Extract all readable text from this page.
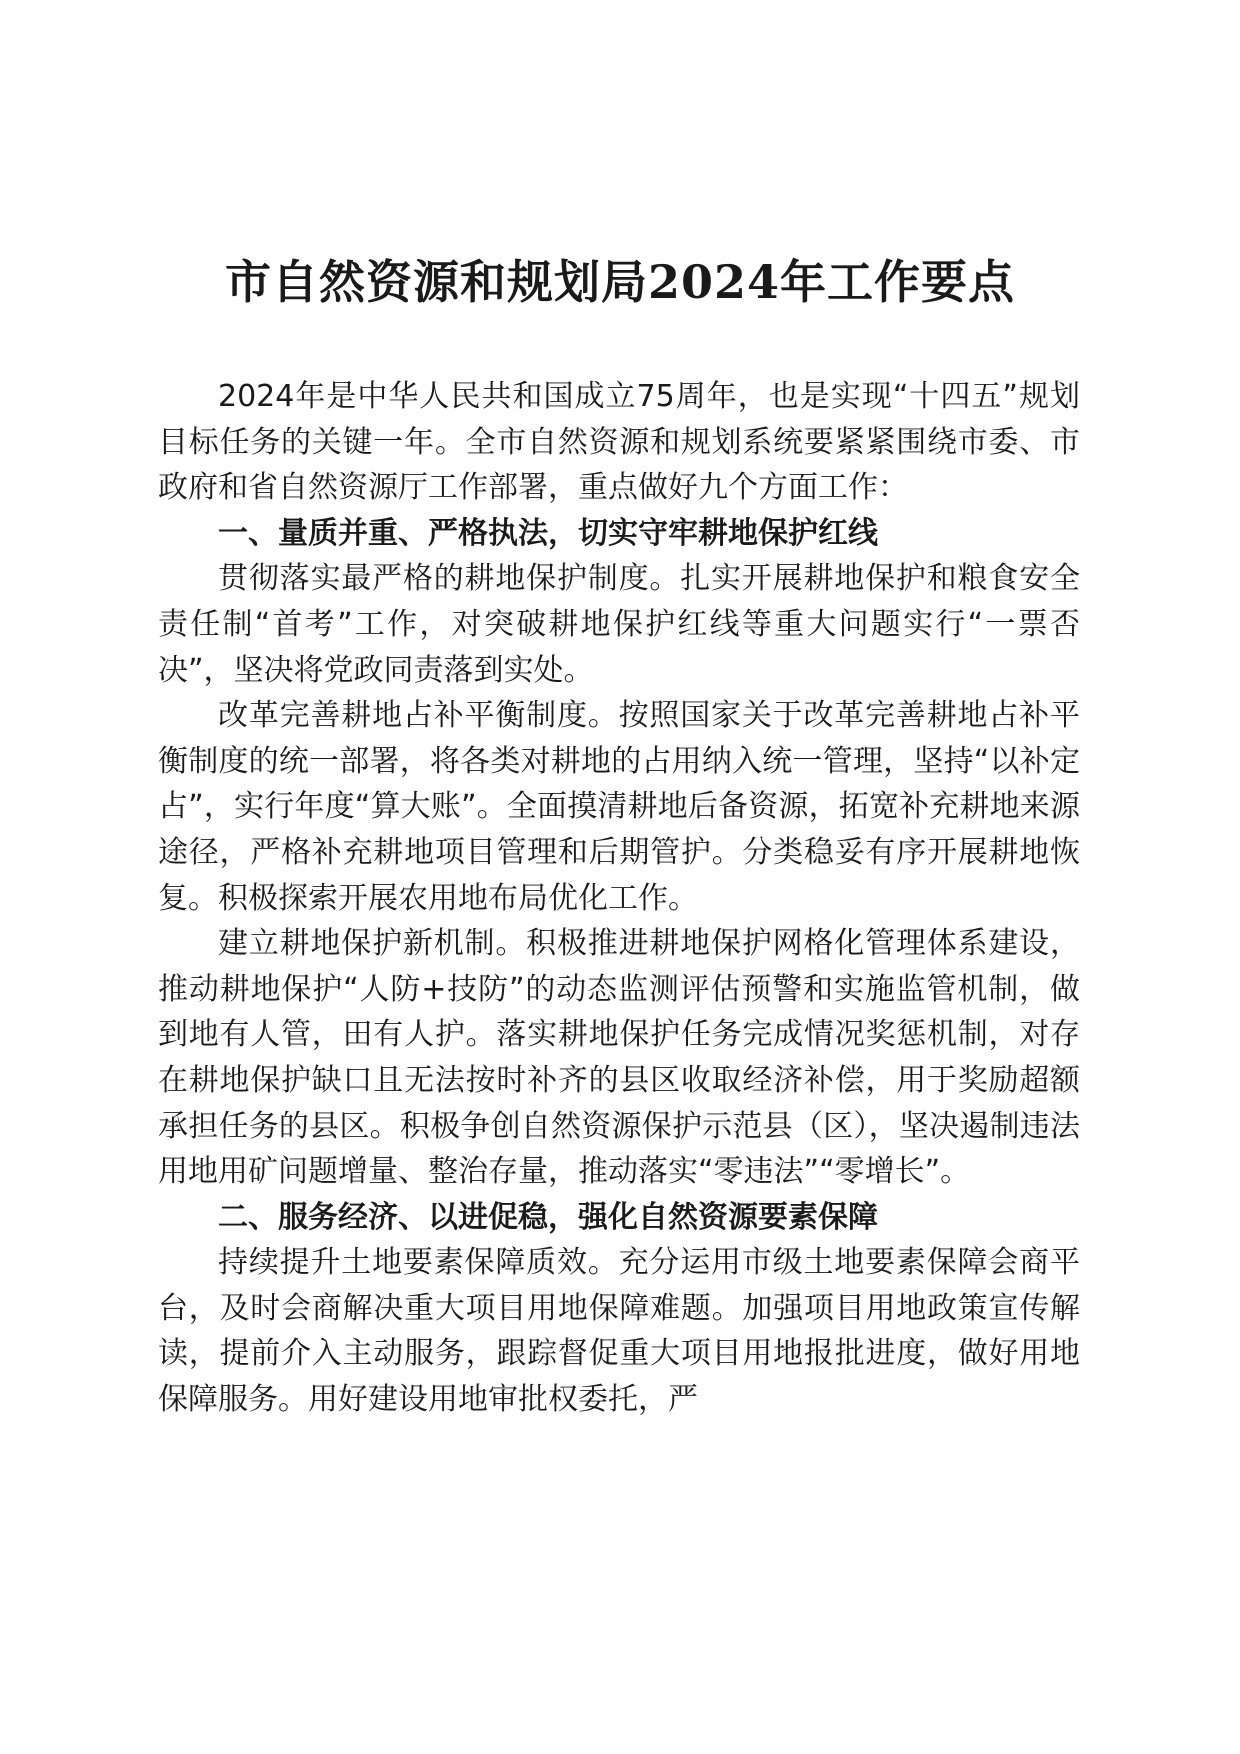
市自然资源和规划局2024年工作要点

2024年是中华人民共和国成立75周年，也是实现“十四五”规划目标任务的关键一年。全市自然资源和规划系统要紧紧围绕市委、市政府和省自然资源厅工作部署，重点做好九个方面工作：

一、量质并重、严格执法，切实守牢耕地保护红线

贯彻落实最严格的耕地保护制度。扎实开展耕地保护和粮食安全责任制“首考”工作，对突破耕地保护红线等重大问题实行“一票否决”，坚决将党政同责落到实处。

改革完善耕地占补平衡制度。按照国家关于改革完善耕地占补平衡制度的统一部署，将各类对耕地的占用纳入统一管理，坚持“以补定占”，实行年度“算大账”。全面摸清耕地后备资源，拓宽补充耕地来源途径，严格补充耕地项目管理和后期管护。分类稳妥有序开展耕地恢复。积极探索开展农用地布局优化工作。

建立耕地保护新机制。积极推进耕地保护网格化管理体系建设，推动耕地保护“人防+技防”的动态监测评估预警和实施监管机制，做到地有人管，田有人护。落实耕地保护任务完成情况奖惩机制，对存在耕地保护缺口且无法按时补齐的县区收取经济补偿，用于奖励超额承担任务的县区。积极争创自然资源保护示范县（区），坚决遏制违法用地用矿问题增量、整治存量，推动落实“零违法”“零增长”。

二、服务经济、以进促稳，强化自然资源要素保障

持续提升土地要素保障质效。充分运用市级土地要素保障会商平台，及时会商解决重大项目用地保障难题。加强项目用地政策宣传解读，提前介入主动服务，跟踪督促重大项目用地报批进度，做好用地保障服务。用好建设用地审批权委托，严
